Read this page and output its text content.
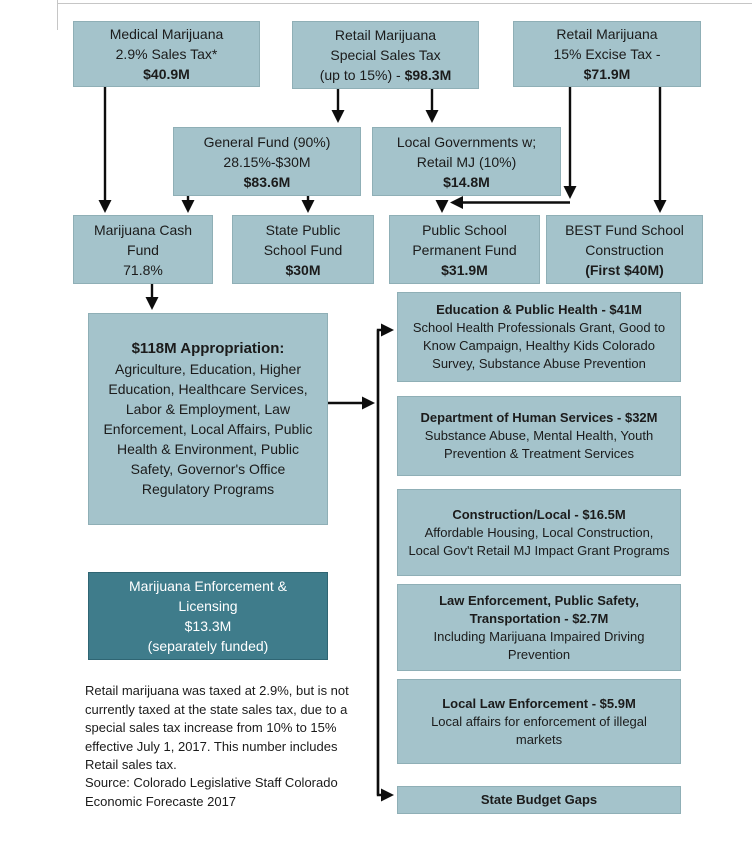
Medical Marijuana
2.9% Sales Tax*
$40.9M
Retail Marijuana
Special Sales Tax
(up to 15%) - $98.3M
Retail Marijuana
15% Excise Tax -
$71.9M
General Fund (90%)
28.15%-$30M
$83.6M
Local Governments w;
Retail MJ (10%)
$14.8M
Marijuana Cash
Fund
71.8%
State Public
School Fund
$30M
Public School
Permanent Fund
$31.9M
BEST Fund School
Construction
(First $40M)
$118M Appropriation:
Agriculture, Education, Higher Education, Healthcare Services, Labor & Employment, Law Enforcement, Local Affairs, Public Health & Environment, Public Safety, Governor's Office Regulatory Programs
Marijuana Enforcement &
Licensing
$13.3M
(separately funded)
Education & Public Health - $41M
School Health Professionals Grant, Good to Know Campaign, Healthy Kids Colorado Survey, Substance Abuse Prevention
Department of Human Services - $32M
Substance Abuse, Mental Health, Youth Prevention & Treatment Services
Construction/Local - $16.5M
Affordable Housing, Local Construction, Local Gov't Retail MJ Impact Grant Programs
Law Enforcement, Public Safety, Transportation - $2.7M
Including Marijuana Impaired Driving Prevention
Local Law Enforcement - $5.9M
Local affairs for enforcement of illegal markets
State Budget Gaps
Retail marijuana was taxed at 2.9%, but is not currently taxed at the state sales tax, due to a special sales tax increase from 10% to 15% effective July 1, 2017. This number includes Retail sales tax.
Source: Colorado Legislative Staff Colorado Economic Forecaste 2017
